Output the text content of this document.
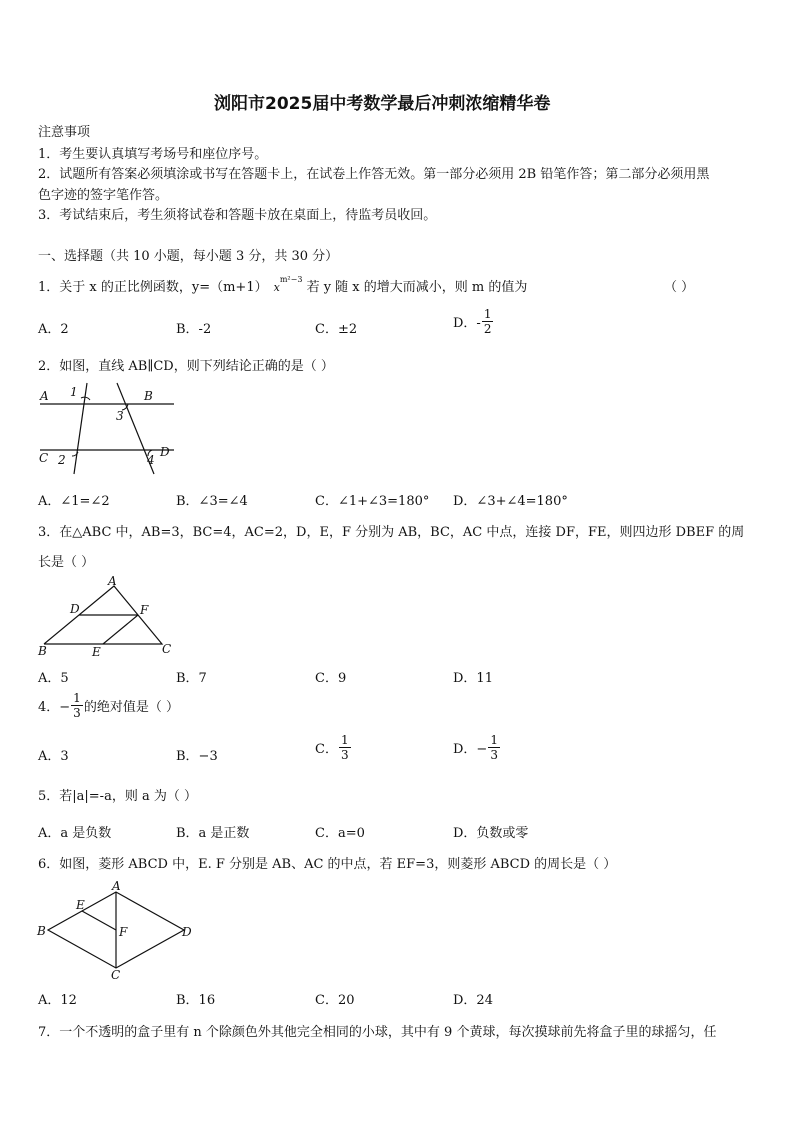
浏阳市2025届中考数学最后冲刺浓缩精华卷
注意事项
1．考生要认真填写考场号和座位序号。
2．试题所有答案必须填涂或书写在答题卡上，在试卷上作答无效。第一部分必须用 2B 铅笔作答；第二部分必须用黑
色字迹的签字笔作答。
3．考试结束后，考生须将试卷和答题卡放在桌面上，待监考员收回。
一、选择题（共 10 小题，每小题 3 分，共 30 分）
1．关于 x 的正比例函数，y=（m+1） $x^{m^2-3}$ 若 y 随 x 的增大而减小，则 m 的值为	（ ）
A．2	B．-2	C．±2	D．- $\frac{1}{2}$
2．如图，直线 AB∥CD，则下列结论正确的是（ ）
A	B
C	D
1
2
3
4
A．∠1=∠2	B．∠3=∠4	C．∠1+∠3=180° D．∠3+∠4=180°
3．在△ABC 中，AB=3，BC=4，AC=2，D，E，F 分别为 AB，BC，AC 中点，连接 DF，FE，则四边形 DBEF 的周
长是（ ）
A
B	C
D
E
F
A．5	B．7	C．9	D．11
4．− $\frac{1}{3}$ 的绝对值是（ ）
A．3	B．−3	C． $\frac{1}{3}$	D．− $\frac{1}{3}$
5．若|a|=-a，则 a 为（ ）
A．a 是负数	B．a 是正数	C．a=0	D．负数或零
6．如图，菱形 ABCD 中，E. F 分别是 AB、AC 的中点，若 EF=3，则菱形 ABCD 的周长是（ ）
A
B
C
D
E
F
A．12	B．16	C．20	D．24
7．一个不透明的盒子里有 n 个除颜色外其他完全相同的小球，其中有 9 个黄球，每次摸球前先将盒子里的球摇匀，任
